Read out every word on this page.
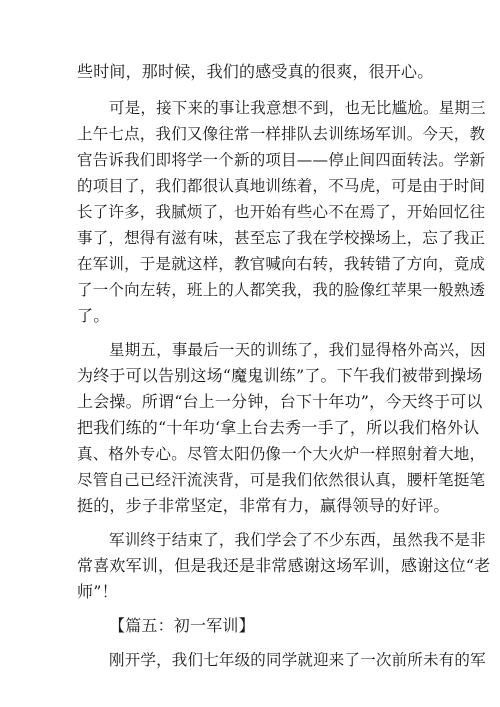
些时间，那时候，我们的感受真的很爽，很开心。
可是，接下来的事让我意想不到，也无比尴尬。星期三
上午七点，我们又像往常一样排队去训练场军训。今天，教
官告诉我们即将学一个新的项目——停止间四面转法。学新
的项目了，我们都很认真地训练着，不马虎，可是由于时间
长了许多，我腻烦了，也开始有些心不在焉了，开始回忆往
事了，想得有滋有味，甚至忘了我在学校操场上，忘了我正
在军训，于是就这样，教官喊向右转，我转错了方向，竟成
了一个向左转，班上的人都笑我，我的脸像红苹果一般熟透
了。
星期五，事最后一天的训练了，我们显得格外高兴，因
为终于可以告别这场“魔鬼训练”了。下午我们被带到操场
上会操。所谓“台上一分钟，台下十年功”，今天终于可以
把我们练的“十年功‘拿上台去秀一手了，所以我们格外认
真、格外专心。尽管太阳仍像一个大火炉一样照射着大地，
尽管自己已经汗流浃背，可是我们依然很认真，腰杆笔挺笔
挺的，步子非常坚定，非常有力，赢得领导的好评。
军训终于结束了，我们学会了不少东西，虽然我不是非
常喜欢军训，但是我还是非常感谢这场军训，感谢这位“老
师”！
【篇五：初一军训】
刚开学，我们七年级的同学就迎来了一次前所未有的军
